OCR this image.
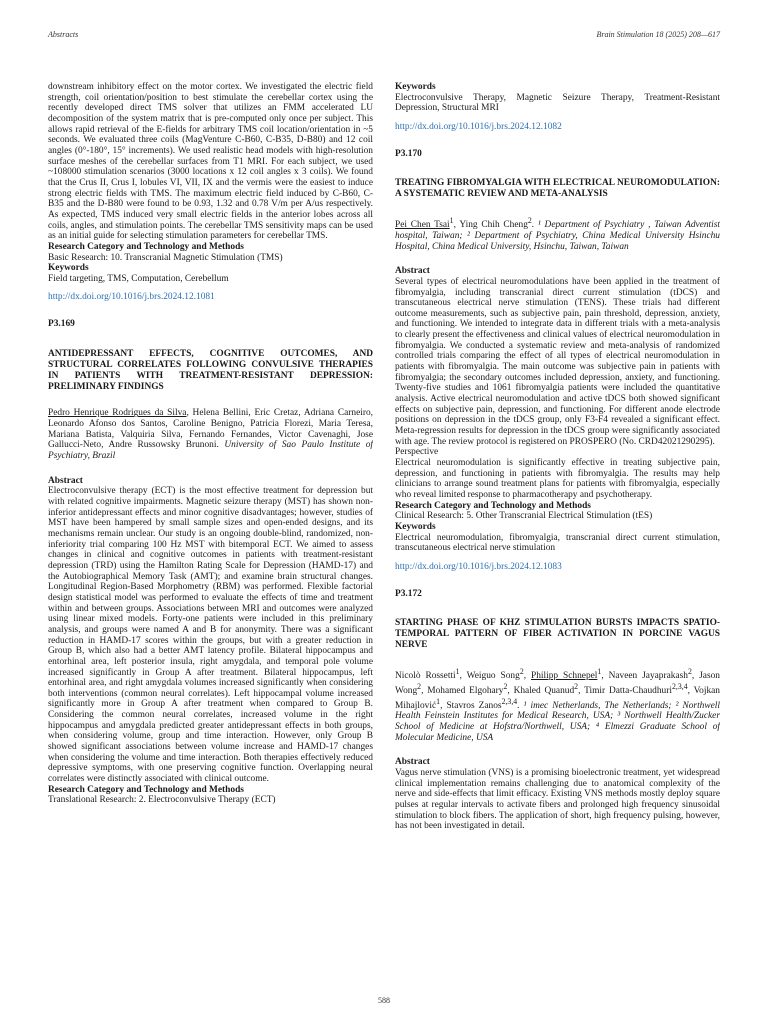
Abstracts	Brain Stimulation 18 (2025) 208—617

downstream inhibitory effect on the motor cortex. We investigated the electric field strength, coil orientation/position to best stimulate the cerebellar cortex using the recently developed direct TMS solver that utilizes an FMM accelerated LU decomposition of the system matrix that is pre-computed only once per subject. This allows rapid retrieval of the E-fields for arbitrary TMS coil location/orientation in ~5 seconds. We evaluated three coils (MagVenture C-B60, C-B35, D-B80) and 12 coil angles (0°-180°, 15° increments). We used realistic head models with high-resolution surface meshes of the cerebellar surfaces from T1 MRI. For each subject, we used ~108000 stimulation scenarios (3000 locations x 12 coil angles x 3 coils). We found that the Crus II, Crus I, lobules VI, VII, IX and the vermis were the easiest to induce strong electric fields with TMS. The maximum electric field induced by C-B60, C-B35 and the D-B80 were found to be 0.93, 1.32 and 0.78 V/m per A/us respectively. As expected, TMS induced very small electric fields in the anterior lobes across all coils, angles, and stimulation points. The cerebellar TMS sensitivity maps can be used as an initial guide for selecting stimulation parameters for cerebellar TMS.

Research Category and Technology and Methods

Basic Research: 10. Transcranial Magnetic Stimulation (TMS)

Keywords

Field targeting, TMS, Computation, Cerebellum

http://dx.doi.org/10.1016/j.brs.2024.12.1081

P3.169

ANTIDEPRESSANT EFFECTS, COGNITIVE OUTCOMES, AND STRUCTURAL CORRELATES FOLLOWING CONVULSIVE THERAPIES IN PATIENTS WITH TREATMENT-RESISTANT DEPRESSION: PRELIMINARY FINDINGS

Pedro Henrique Rodrigues da Silva, Helena Bellini, Eric Cretaz, Adriana Carneiro, Leonardo Afonso dos Santos, Caroline Benigno, Patricia Florezi, Maria Teresa, Mariana Batista, Valquiria Silva, Fernando Fernandes, Victor Cavenaghi, Jose Gallucci-Neto, Andre Russowsky Brunoni. University of Sao Paulo Institute of Psychiatry, Brazil

Abstract

Electroconvulsive therapy (ECT) is the most effective treatment for depression but with related cognitive impairments. Magnetic seizure therapy (MST) has shown non-inferior antidepressant effects and minor cognitive disadvantages; however, studies of MST have been hampered by small sample sizes and open-ended designs, and its mechanisms remain unclear. Our study is an ongoing double-blind, randomized, non-inferiority trial comparing 100 Hz MST with bitemporal ECT. We aimed to assess changes in clinical and cognitive outcomes in patients with treatment-resistant depression (TRD) using the Hamilton Rating Scale for Depression (HAMD-17) and the Autobiographical Memory Task (AMT); and examine brain structural changes. Longitudinal Region-Based Morphometry (RBM) was performed. Flexible factorial design statistical model was performed to evaluate the effects of time and treatment within and between groups. Associations between MRI and outcomes were analyzed using linear mixed models. Forty-one patients were included in this preliminary analysis, and groups were named A and B for anonymity. There was a significant reduction in HAMD-17 scores within the groups, but with a greater reduction in Group B, which also had a better AMT latency profile. Bilateral hippocampus and entorhinal area, left posterior insula, right amygdala, and temporal pole volume increased significantly in Group A after treatment. Bilateral hippocampus, left entorhinal area, and right amygdala volumes increased significantly when considering both interventions (common neural correlates). Left hippocampal volume increased significantly more in Group A after treatment when compared to Group B. Considering the common neural correlates, increased volume in the right hippocampus and amygdala predicted greater antidepressant effects in both groups, when considering volume, group and time interaction. However, only Group B showed significant associations between volume increase and HAMD-17 changes when considering the volume and time interaction. Both therapies effectively reduced depressive symptoms, with one preserving cognitive function. Overlapping neural correlates were distinctly associated with clinical outcome.

Research Category and Technology and Methods

Translational Research: 2. Electroconvulsive Therapy (ECT)

Keywords

Electroconvulsive Therapy, Magnetic Seizure Therapy, Treatment-Resistant Depression, Structural MRI

http://dx.doi.org/10.1016/j.brs.2024.12.1082

P3.170

TREATING FIBROMYALGIA WITH ELECTRICAL NEUROMODULATION: A SYSTEMATIC REVIEW AND META-ANALYSIS

Pei Chen Tsai$^1$, Ying Chih Cheng$^2$. ¹ Department of Psychiatry , Taiwan Adventist hospital, Taiwan; ² Department of Psychiatry, China Medical University Hsinchu Hospital, China Medical University, Hsinchu, Taiwan, Taiwan

Abstract

Several types of electrical neuromodulations have been applied in the treatment of fibromyalgia, including transcranial direct current stimulation (tDCS) and transcutaneous electrical nerve stimulation (TENS). These trials had different outcome measurements, such as subjective pain, pain threshold, depression, anxiety, and functioning. We intended to integrate data in different trials with a meta-analysis to clearly present the effectiveness and clinical values of electrical neuromodulation in fibromyalgia. We conducted a systematic review and meta-analysis of randomized controlled trials comparing the effect of all types of electrical neuromodulation in patients with fibromyalgia. The main outcome was subjective pain in patients with fibromyalgia; the secondary outcomes included depression, anxiety, and functioning. Twenty-five studies and 1061 fibromyalgia patients were included the quantitative analysis. Active electrical neuromodulation and active tDCS both showed significant effects on subjective pain, depression, and functioning. For different anode electrode positions on depression in the tDCS group, only F3-F4 revealed a significant effect. Meta-regression results for depression in the tDCS group were significantly associated with age. The review protocol is registered on PROSPERO (No. CRD42021290295).

Perspective

Electrical neuromodulation is significantly effective in treating subjective pain, depression, and functioning in patients with fibromyalgia. The results may help clinicians to arrange sound treatment plans for patients with fibromyalgia, especially who reveal limited response to pharmacotherapy and psychotherapy.

Research Category and Technology and Methods

Clinical Research: 5. Other Transcranial Electrical Stimulation (tES)

Keywords

Electrical neuromodulation, fibromyalgia, transcranial direct current stimulation, transcutaneous electrical nerve stimulation

http://dx.doi.org/10.1016/j.brs.2024.12.1083

P3.172

STARTING PHASE OF KHZ STIMULATION BURSTS IMPACTS SPATIO-TEMPORAL PATTERN OF FIBER ACTIVATION IN PORCINE VAGUS NERVE

Nicolò Rossetti$^1$, Weiguo Song$^2$, Philipp Schnepel$^1$, Naveen Jayaprakash$^2$, Jason Wong$^2$, Mohamed Elgohary$^2$, Khaled Quanud$^2$, Timir Datta-Chaudhuri$^{2,3,4}$, Vojkan Mihajlović$^1$, Stavros Zanos$^{2,3,4}$. ¹ imec Netherlands, The Netherlands; ² Northwell Health Feinstein Institutes for Medical Research, USA; ³ Northwell Health/Zucker School of Medicine at Hofstra/Northwell, USA; ⁴ Elmezzi Graduate School of Molecular Medicine, USA

Abstract

Vagus nerve stimulation (VNS) is a promising bioelectronic treatment, yet widespread clinical implementation remains challenging due to anatomical complexity of the nerve and side-effects that limit efficacy. Existing VNS methods mostly deploy square pulses at regular intervals to activate fibers and prolonged high frequency sinusoidal stimulation to block fibers. The application of short, high frequency pulsing, however, has not been investigated in detail.

588
